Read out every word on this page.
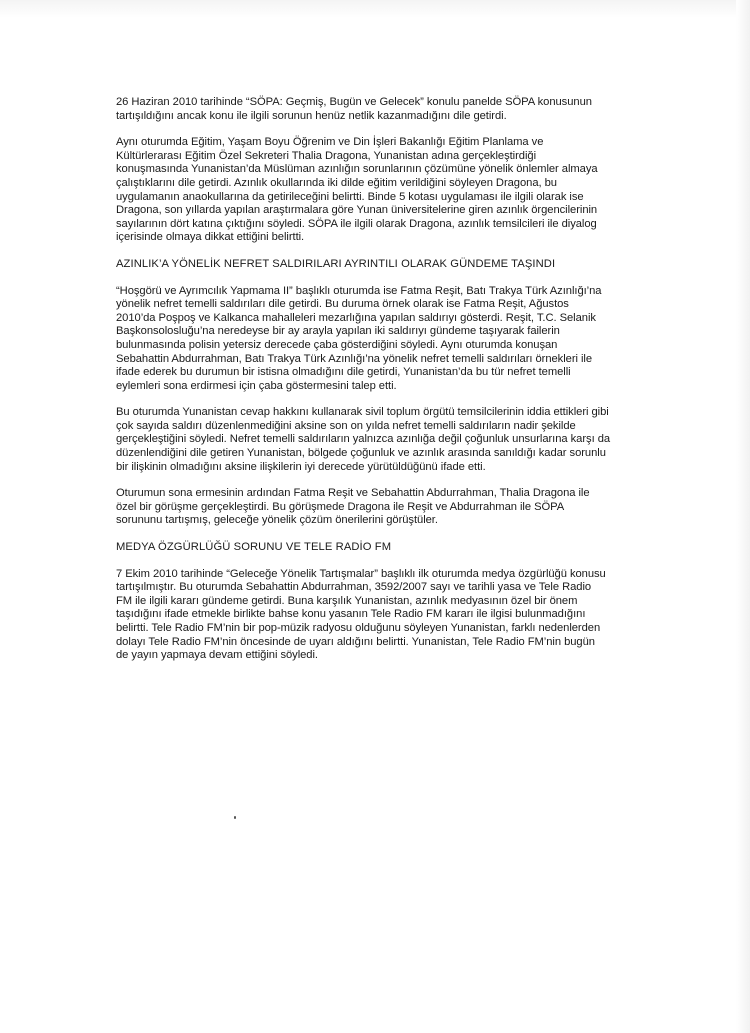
26 Haziran 2010 tarihinde “SÖPA: Geçmiş, Bugün ve Gelecek” konulu panelde SÖPA konusunun
tartışıldığını ancak konu ile ilgili sorunun henüz netlik kazanmadığını dile getirdi.

Aynı oturumda Eğitim, Yaşam Boyu Öğrenim ve Din İşleri Bakanlığı Eğitim Planlama ve
Kültürlerarası Eğitim Özel Sekreteri Thalia Dragona, Yunanistan adına gerçekleştirdiği
konuşmasında Yunanistan’da Müslüman azınlığın sorunlarının çözümüne yönelik önlemler almaya
çalıştıklarını dile getirdi. Azınlık okullarında iki dilde eğitim verildiğini söyleyen Dragona, bu
uygulamanın anaokullarına da getirileceğini belirtti. Binde 5 kotası uygulaması ile ilgili olarak ise
Dragona, son yıllarda yapılan araştırmalara göre Yunan üniversitelerine giren azınlık örgencilerinin
sayılarının dört katına çıktığını söyledi. SÖPA ile ilgili olarak Dragona, azınlık temsilcileri ile diyalog
içerisinde olmaya dikkat ettiğini belirtti.

AZINLIK’A YÖNELİK NEFRET SALDIRILARI AYRINTILI OLARAK GÜNDEME TAŞINDI

“Hoşgörü ve Ayrımcılık Yapmama II” başlıklı oturumda ise Fatma Reşit, Batı Trakya Türk Azınlığı’na
yönelik nefret temelli saldırıları dile getirdi. Bu duruma örnek olarak ise Fatma Reşit, Ağustos
2010’da Poşpoş ve Kalkanca mahalleleri mezarlığına yapılan saldırıyı gösterdi. Reşit, T.C. Selanik
Başkonsolosluğu’na neredeyse bir ay arayla yapılan iki saldırıyı gündeme taşıyarak failerin
bulunmasında polisin yetersiz derecede çaba gösterdiğini söyledi. Aynı oturumda konuşan
Sebahattin Abdurrahman, Batı Trakya Türk Azınlığı’na yönelik nefret temelli saldırıları örnekleri ile
ifade ederek bu durumun bir istisna olmadığını dile getirdi, Yunanistan’da bu tür nefret temelli
eylemleri sona erdirmesi için çaba göstermesini talep etti.

Bu oturumda Yunanistan cevap hakkını kullanarak sivil toplum örgütü temsilcilerinin iddia ettikleri gibi
çok sayıda saldırı düzenlenmediğini aksine son on yılda nefret temelli saldırıların nadir şekilde
gerçekleştiğini söyledi. Nefret temelli saldırıların yalnızca azınlığa değil çoğunluk unsurlarına karşı da
düzenlendiğini dile getiren Yunanistan, bölgede çoğunluk ve azınlık arasında sanıldığı kadar sorunlu
bir ilişkinin olmadığını aksine ilişkilerin iyi derecede yürütüldüğünü ifade etti.

Oturumun sona ermesinin ardından Fatma Reşit ve Sebahattin Abdurrahman, Thalia Dragona ile
özel bir görüşme gerçekleştirdi. Bu görüşmede Dragona ile Reşit ve Abdurrahman ile SÖPA
sorununu tartışmış, geleceğe yönelik çözüm önerilerini görüştüler.

MEDYA ÖZGÜRLÜĞÜ SORUNU VE TELE RADİO FM

7 Ekim 2010 tarihinde “Geleceğe Yönelik Tartışmalar” başlıklı ilk oturumda medya özgürlüğü konusu
tartışılmıştır. Bu oturumda Sebahattin Abdurrahman, 3592/2007 sayı ve tarihli yasa ve Tele Radio
FM ile ilgili kararı gündeme getirdi. Buna karşılık Yunanistan, azınlık medyasının özel bir önem
taşıdığını ifade etmekle birlikte bahse konu yasanın Tele Radio FM kararı ile ilgisi bulunmadığını
belirtti. Tele Radio FM’nin bir pop-müzik radyosu olduğunu söyleyen Yunanistan, farklı nedenlerden
dolayı Tele Radio FM’nin öncesinde de uyarı aldığını belirtti. Yunanistan, Tele Radio FM’nin bugün
de yayın yapmaya devam ettiğini söyledi.
